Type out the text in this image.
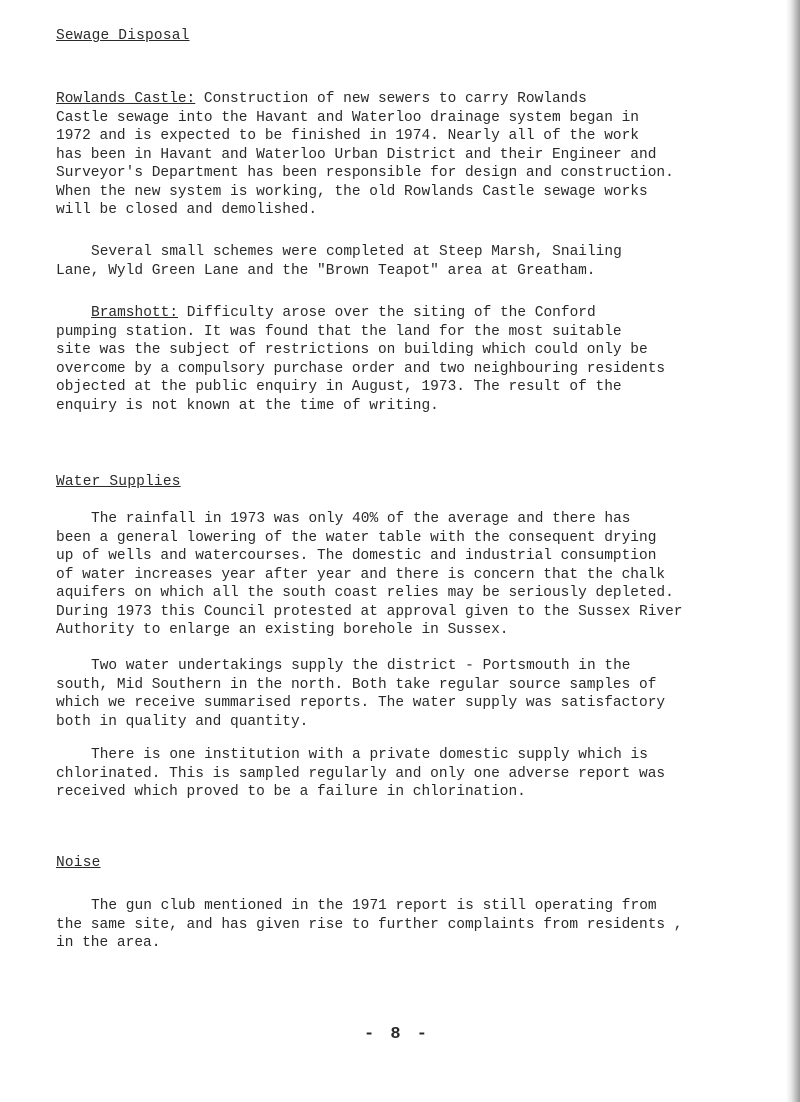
Sewage Disposal
Rowlands Castle: Construction of new sewers to carry Rowlands
Castle sewage into the Havant and Waterloo drainage system began in
1972 and is expected to be finished in 1974. Nearly all of the work
has been in Havant and Waterloo Urban District and their Engineer and
Surveyor's Department has been responsible for design and construction.
When the new system is working, the old Rowlands Castle sewage works
will be closed and demolished.
Several small schemes were completed at Steep Marsh, Snailing
Lane, Wyld Green Lane and the "Brown Teapot" area at Greatham.
Bramshott: Difficulty arose over the siting of the Conford
pumping station. It was found that the land for the most suitable
site was the subject of restrictions on building which could only be
overcome by a compulsory purchase order and two neighbouring residents
objected at the public enquiry in August, 1973. The result of the
enquiry is not known at the time of writing.
Water Supplies
The rainfall in 1973 was only 40% of the average and there has
been a general lowering of the water table with the consequent drying
up of wells and watercourses. The domestic and industrial consumption
of water increases year after year and there is concern that the chalk
aquifers on which all the south coast relies may be seriously depleted.
During 1973 this Council protested at approval given to the Sussex River
Authority to enlarge an existing borehole in Sussex.
Two water undertakings supply the district - Portsmouth in the
south, Mid Southern in the north. Both take regular source samples of
which we receive summarised reports. The water supply was satisfactory
both in quality and quantity.
There is one institution with a private domestic supply which is
chlorinated. This is sampled regularly and only one adverse report was
received which proved to be a failure in chlorination.
Noise
The gun club mentioned in the 1971 report is still operating from
the same site, and has given rise to further complaints from residents ,
in the area.

- 8 -
